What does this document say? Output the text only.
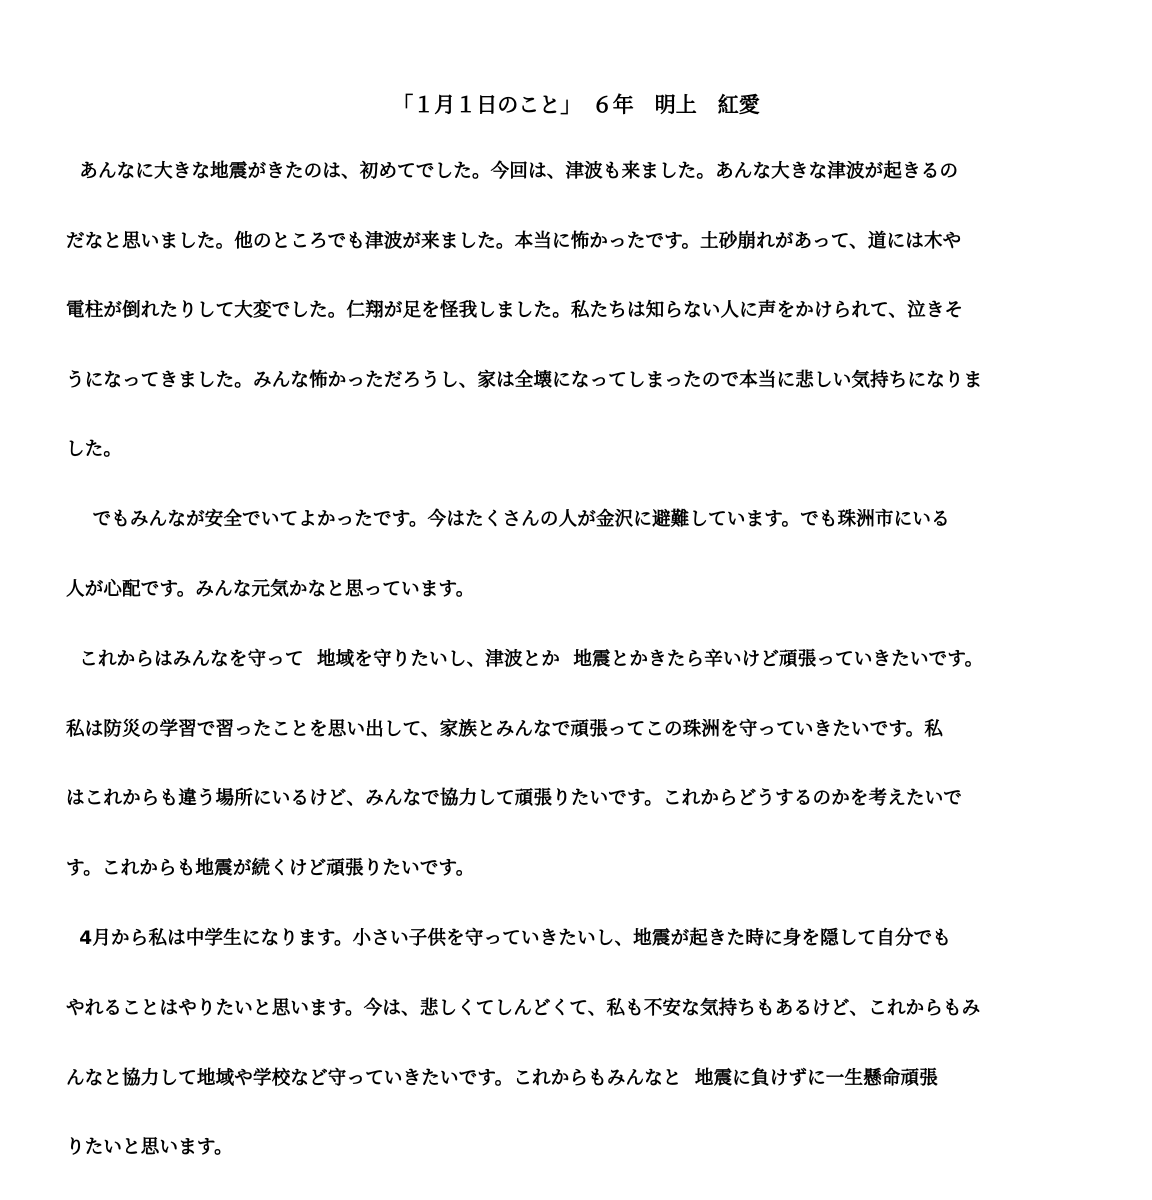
「１月１日のこと」　６年　明上　紅愛
あんなに大きな地震がきたのは、初めてでした。今回は、津波も来ました。あんな大きな津波が起きるの
だなと思いました。他のところでも津波が来ました。本当に怖かったです。土砂崩れがあって、道には木や
電柱が倒れたりして大変でした。仁翔が足を怪我しました。私たちは知らない人に声をかけられて、泣きそ
うになってきました。みんな怖かっただろうし、家は全壊になってしまったので本当に悲しい気持ちになりま
した。
でもみんなが安全でいてよかったです。今はたくさんの人が金沢に避難しています。でも珠洲市にいる
人が心配です。みんな元気かなと思っています。
これからはみんなを守って  地域を守りたいし、津波とか  地震とかきたら辛いけど頑張っていきたいです。
私は防災の学習で習ったことを思い出して、家族とみんなで頑張ってこの珠洲を守っていきたいです。私
はこれからも違う場所にいるけど、みんなで協力して頑張りたいです。これからどうするのかを考えたいで
す。これからも地震が続くけど頑張りたいです。
4月から私は中学生になります。小さい子供を守っていきたいし、地震が起きた時に身を隠して自分でも
やれることはやりたいと思います。今は、悲しくてしんどくて、私も不安な気持ちもあるけど、これからもみ
んなと協力して地域や学校など守っていきたいです。これからもみんなと  地震に負けずに一生懸命頑張
りたいと思います。
